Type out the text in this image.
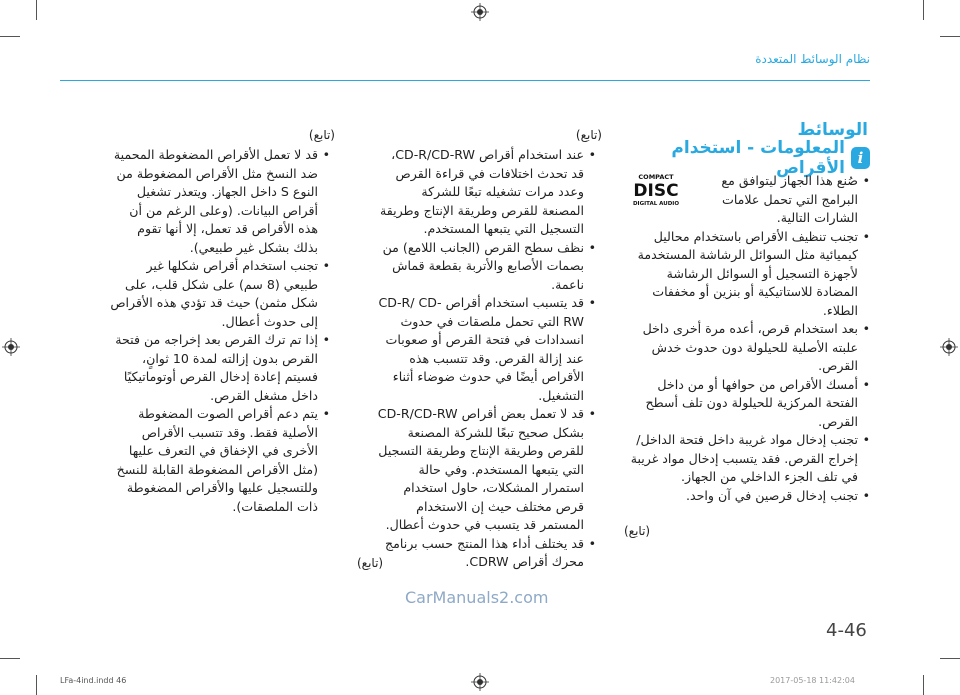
نظام الوسائط المتعددة
الوسائط
i
المعلومات - استخدام الأقراص
COMPACT
DISC
DIGITAL AUDIO
• صُنع هذا الجهاز ليتوافق مع البرامج التي تحمل علامات الشارات التالية.
• تجنب تنظيف الأقراص باستخدام محاليل كيميائية مثل السوائل الرشاشة المستخدمة لأجهزة التسجيل أو السوائل الرشاشة المضادة للاستاتيكية أو بنزين أو مخففات الطلاء.
• بعد استخدام قرص، أعده مرة أخرى داخل علبته الأصلية للحيلولة دون حدوث خدش القرص.
• أمسك الأقراص من حوافها أو من داخل الفتحة المركزية للحيلولة دون تلف أسطح القرص.
• تجنب إدخال مواد غريبة داخل فتحة الداخل/إخراج القرص. فقد يتسبب إدخال مواد غريبة في تلف الجزء الداخلي من الجهاز.
• تجنب إدخال قرصين في آن واحد.
(تابع)
(تابع)
• عند استخدام أقراص CD-R/CD-RW، قد تحدث اختلافات في قراءة القرص وعدد مرات تشغيله تبعًا للشركة المصنعة للقرص وطريقة الإنتاج وطريقة التسجيل التي يتبعها المستخدم.
• نظف سطح القرص (الجانب اللامع) من بصمات الأصابع والأتربة بقطعة قماش ناعمة.
• قد يتسبب استخدام أقراص CD-R/ CD-RW التي تحمل ملصقات في حدوث انسدادات في فتحة القرص أو صعوبات عند إزالة القرص. وقد تتسبب هذه الأقراص أيضًا في حدوث ضوضاء أثناء التشغيل.
• قد لا تعمل بعض أقراص CD-R/CD-RW بشكل صحيح تبعًا للشركة المصنعة للقرص وطريقة الإنتاج وطريقة التسجيل التي يتبعها المستخدم. وفي حالة استمرار المشكلات، حاول استخدام قرص مختلف حيث إن الاستخدام المستمر قد يتسبب في حدوث أعطال.
• قد يختلف أداء هذا المنتج حسب برنامج محرك أقراص CDRW.
(تابع)
(تابع)
• قد لا تعمل الأقراص المضغوطة المحمية ضد النسخ مثل الأقراص المضغوطة من النوع S داخل الجهاز. ويتعذر تشغيل أقراص البيانات. (وعلى الرغم من أن هذه الأقراص قد تعمل، إلا أنها تقوم بذلك بشكل غير طبيعي).
• تجنب استخدام أقراص شكلها غير طبيعي (8 سم) على شكل قلب، على شكل مثمن) حيث قد تؤدي هذه الأقراص إلى حدوث أعطال.
• إذا تم ترك القرص بعد إخراجه من فتحة القرص بدون إزالته لمدة 10 ثوانٍ، فسيتم إعادة إدخال القرص أوتوماتيكيًا داخل مشغل القرص.
• يتم دعم أقراص الصوت المضغوطة الأصلية فقط. وقد تتسبب الأقراص الأخرى في الإخفاق في التعرف عليها (مثل الأقراص المضغوطة القابلة للنسخ وللتسجيل عليها والأقراص المضغوطة ذات الملصقات).
CarManuals2.com
4-46
LFa-4ind.indd 46	2017-05-18 11:42:04
